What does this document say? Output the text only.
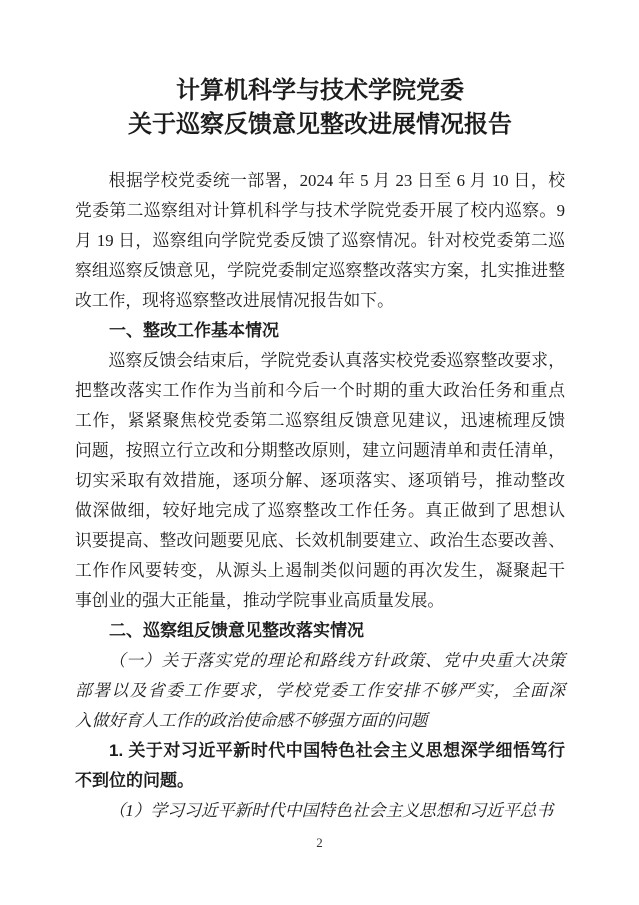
计算机科学与技术学院党委
关于巡察反馈意见整改进展情况报告
根据学校党委统一部署，2024 年 5 月 23 日至 6 月 10 日，校
党委第二巡察组对计算机科学与技术学院党委开展了校内巡察。9
月 19 日，巡察组向学院党委反馈了巡察情况。针对校党委第二巡
察组巡察反馈意见，学院党委制定巡察整改落实方案，扎实推进整
改工作，现将巡察整改进展情况报告如下。
一、整改工作基本情况
巡察反馈会结束后，学院党委认真落实校党委巡察整改要求，
把整改落实工作作为当前和今后一个时期的重大政治任务和重点
工作，紧紧聚焦校党委第二巡察组反馈意见建议，迅速梳理反馈
问题，按照立行立改和分期整改原则，建立问题清单和责任清单，
切实采取有效措施，逐项分解、逐项落实、逐项销号，推动整改
做深做细，较好地完成了巡察整改工作任务。真正做到了思想认
识要提高、整改问题要见底、长效机制要建立、政治生态要改善、
工作作风要转变，从源头上遏制类似问题的再次发生，凝聚起干
事创业的强大正能量，推动学院事业高质量发展。
二、巡察组反馈意见整改落实情况
（一）关于落实党的理论和路线方针政策、党中央重大决策
部署以及省委工作要求，学校党委工作安排不够严实，全面深
入做好育人工作的政治使命感不够强方面的问题
1. 关于对习近平新时代中国特色社会主义思想深学细悟笃行
不到位的问题。
（1）学习习近平新时代中国特色社会主义思想和习近平总书
2
